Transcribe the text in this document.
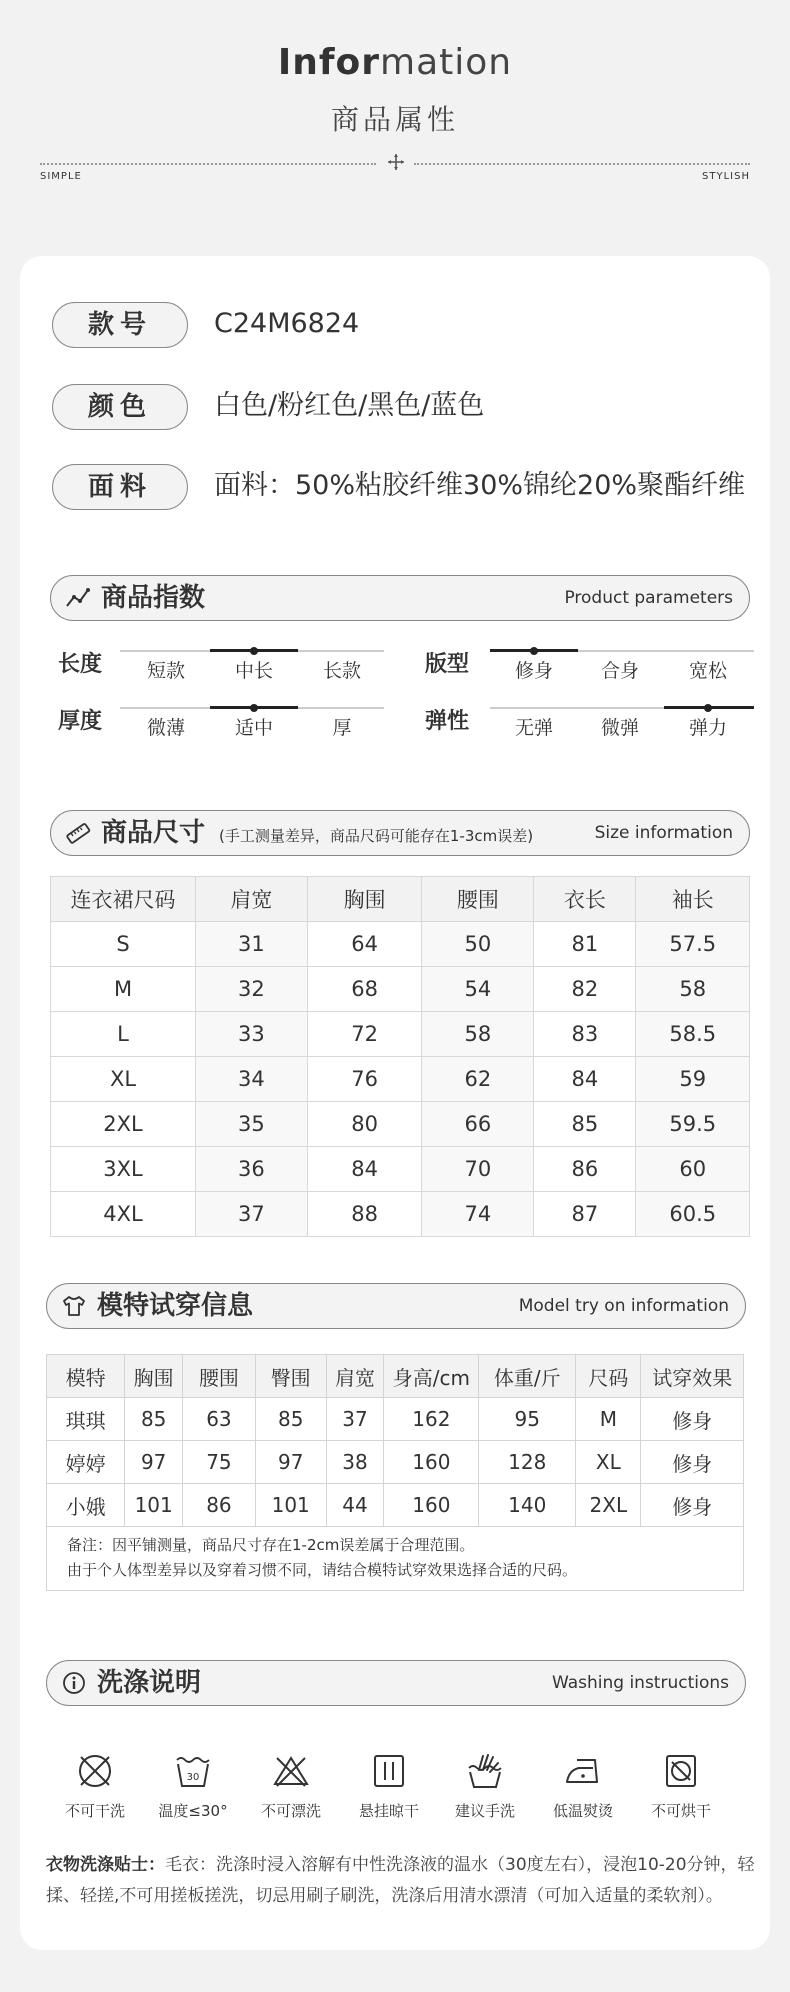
Information
商品属性
SIMPLE	STYLISH
款号	C24M6824
颜色	白色/粉红色/黑色/蓝色
面料	面料：50%粘胶纤维30%锦纶20%聚酯纤维
商品指数	Product parameters
长度	短款	中长	长款	版型	修身	合身	宽松
厚度	微薄	适中	厚	弹性	无弹	微弹	弹力
商品尺寸 (手工测量差异，商品尺码可能存在1-3cm误差)	Size information
连衣裙尺码	肩宽	胸围	腰围	衣长	袖长
S	31	64	50	81	57.5
M	32	68	54	82	58
L	33	72	58	83	58.5
XL	34	76	62	84	59
2XL	35	80	66	85	59.5
3XL	36	84	70	86	60
4XL	37	88	74	87	60.5
模特试穿信息	Model try on information
模特	胸围	腰围	臀围	肩宽	身高/cm	体重/斤	尺码	试穿效果
琪琪	85	63	85	37	162	95	M	修身
婷婷	97	75	97	38	160	128	XL	修身
小娥	101	86	101	44	160	140	2XL	修身
备注：因平铺测量，商品尺寸存在1-2cm误差属于合理范围。
由于个人体型差异以及穿着习惯不同，请结合模特试穿效果选择合适的尺码。
洗涤说明	Washing instructions
不可干洗
30
温度≤30°	不可漂洗	悬挂晾干	建议手洗	低温熨烫	不可烘干
衣物洗涤贴士：毛衣：洗涤时浸入溶解有中性洗涤液的温水（30度左右），浸泡10-20分钟，轻揉、轻搓,不可用搓板搓洗，切忌用刷子刷洗，洗涤后用清水漂清（可加入适量的柔软剂）。
